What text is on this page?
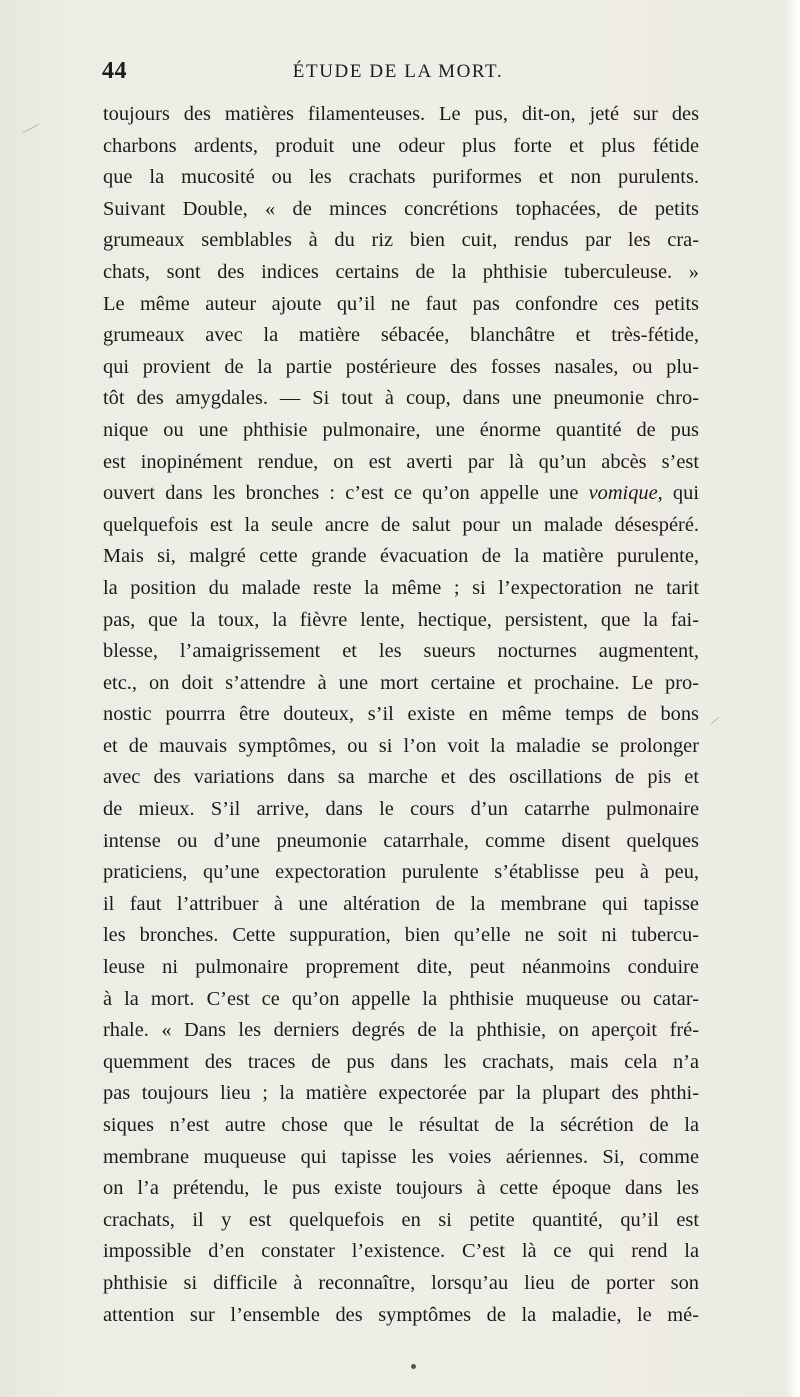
44	ÉTUDE DE LA MORT.
toujours des matières filamenteuses. Le pus, dit-on, jeté sur des
charbons ardents, produit une odeur plus forte et plus fétide
que la mucosité ou les crachats puriformes et non purulents.
Suivant Double, « de minces concrétions tophacées, de petits
grumeaux semblables à du riz bien cuit, rendus par les cra-
chats, sont des indices certains de la phthisie tuberculeuse. »
Le même auteur ajoute qu’il ne faut pas confondre ces petits
grumeaux avec la matière sébacée, blanchâtre et très-fétide,
qui provient de la partie postérieure des fosses nasales, ou plu-
tôt des amygdales. — Si tout à coup, dans une pneumonie chro-
nique ou une phthisie pulmonaire, une énorme quantité de pus
est inopinément rendue, on est averti par là qu’un abcès s’est
ouvert dans les bronches : c’est ce qu’on appelle une vomique, qui
quelquefois est la seule ancre de salut pour un malade désespéré.
Mais si, malgré cette grande évacuation de la matière purulente,
la position du malade reste la même ; si l’expectoration ne tarit
pas, que la toux, la fièvre lente, hectique, persistent, que la fai-
blesse, l’amaigrissement et les sueurs nocturnes augmentent,
etc., on doit s’attendre à une mort certaine et prochaine. Le pro-
nostic pourrra être douteux, s’il existe en même temps de bons
et de mauvais symptômes, ou si l’on voit la maladie se prolonger
avec des variations dans sa marche et des oscillations de pis et
de mieux. S’il arrive, dans le cours d’un catarrhe pulmonaire
intense ou d’une pneumonie catarrhale, comme disent quelques
praticiens, qu’une expectoration purulente s’établisse peu à peu,
il faut l’attribuer à une altération de la membrane qui tapisse
les bronches. Cette suppuration, bien qu’elle ne soit ni tubercu-
leuse ni pulmonaire proprement dite, peut néanmoins conduire
à la mort. C’est ce qu’on appelle la phthisie muqueuse ou catar-
rhale. « Dans les derniers degrés de la phthisie, on aperçoit fré-
quemment des traces de pus dans les crachats, mais cela n’a
pas toujours lieu ; la matière expectorée par la plupart des phthi-
siques n’est autre chose que le résultat de la sécrétion de la
membrane muqueuse qui tapisse les voies aériennes. Si, comme
on l’a prétendu, le pus existe toujours à cette époque dans les
crachats, il y est quelquefois en si petite quantité, qu’il est
impossible d’en constater l’existence. C’est là ce qui rend la
phthisie si difficile à reconnaître, lorsqu’au lieu de porter son
attention sur l’ensemble des symptômes de la maladie, le mé-
